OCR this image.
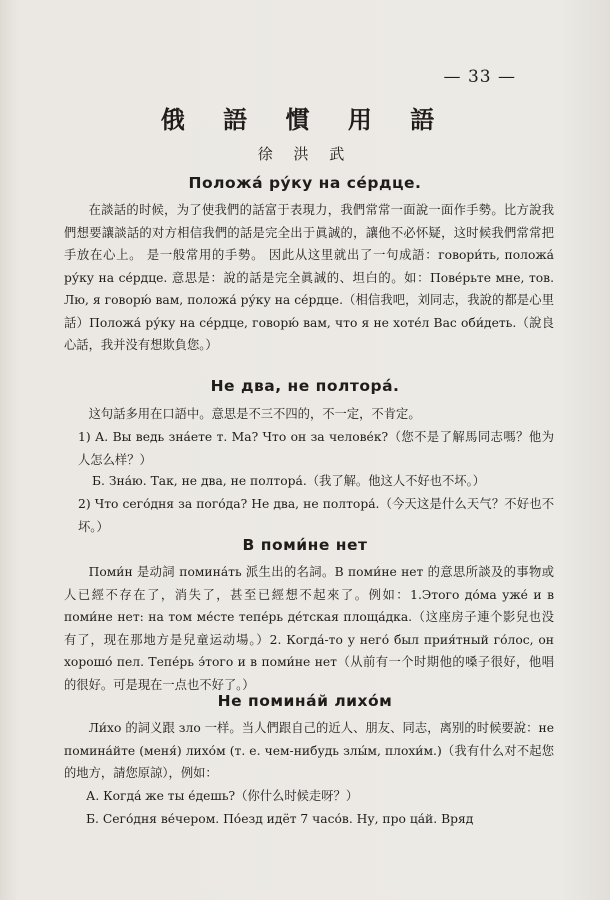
— 33 —
俄 語 慣 用 語
徐 洪 武
Положа́ ру́ку на се́рдце.

在談話的时候，为了使我們的話富于表現力，我們常常一面說一面作手勢。比方說我們想要讓談話的对方相信我們的話是完全出于眞誠的，讓他不必怀疑，这时候我們常常把手放在心上。 是一般常用的手勢。 因此从这里就出了一句成語：говори́ть, положа́ ру́ку на се́рдце. 意思是：說的話是完全眞誠的、坦白的。如：Пове́рьте мне, тов. Лю, я говорю́ вам, положа́ ру́ку на се́рдце.（相信我吧，刘同志，我說的都是心里話）Положа́ ру́ку на се́рдце, говорю́ вам, что я не хоте́л Вас оби́деть.（說良心話，我并没有想欺負您。）

Не два, не полтора́.

这句話多用在口語中。意思是不三不四的，不一定，不肯定。

1) А. Вы ведь зна́ете т. Ма? Что он за челове́к?（您不是了解馬同志嗎？他为人怎么样？）

Б. Зна́ю. Так, не два, не полтора́.（我了解。他这人不好也不坏。）

2) Что сего́дня за пого́да? Не два, не полтора́.（今天这是什么天气？不好也不坏。）

В поми́не нет

Поми́н 是动詞 помина́ть 派生出的名詞。В поми́не нет 的意思所談及的事物或人已經不存在了，消失了，甚至已經想不起來了。例如：1.Этого до́ма уже́ и в поми́не нет: на том ме́сте тепе́рь де́тская площа́дка.（这座房子連个影兒也没有了，现在那地方是兒童运动場。）2. Когда́-то у него́ был прия́тный го́лос, он хорошо́ пел. Тепе́рь э́того и в поми́не нет（从前有一个时期他的嗓子很好，他唱的很好。可是現在一点也不好了。）

Не помина́й лихо́м

Ли́хо 的詞义跟 зло 一样。当人們跟自己的近人、朋友、同志，离别的时候要說：не помина́йте (меня́) лихо́м (т. е. чем-нибудь злы́м, плохи́м.)（我有什么对不起您的地方，請您原諒），例如：

А. Когда́ же ты е́дешь?（你什么时候走呀？）

Б. Сего́дня ве́чером. По́езд идёт 7 часо́в. Ну, про ца́й. Вряд
